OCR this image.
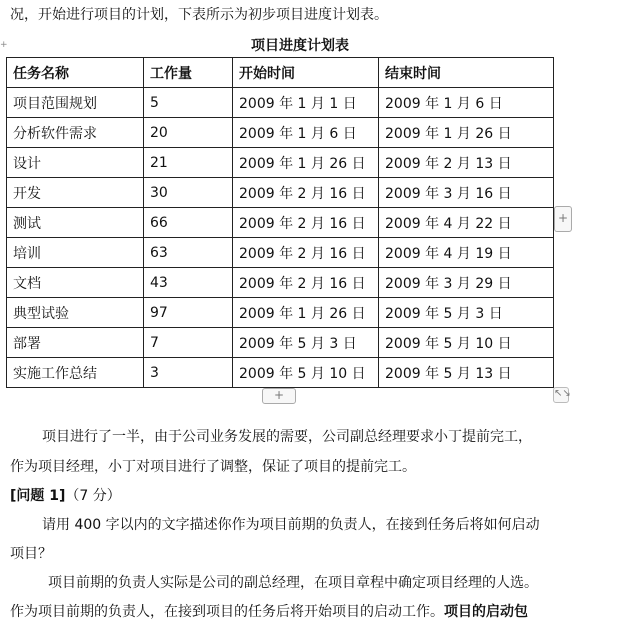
况，开始进行项目的计划，下表所示为初步项目进度计划表。
+	项目进度计划表
任务名称	工作量	开始时间	结束时间
项目范围规划	5	2009 年 1 月 1 日	2009 年 1 月 6 日
分析软件需求	20	2009 年 1 月 6 日	2009 年 1 月 26 日
设计	21	2009 年 1 月 26 日	2009 年 2 月 13 日
开发	30	2009 年 2 月 16 日	2009 年 3 月 16 日
测试	66	2009 年 2 月 16 日	2009 年 4 月 22 日
培训	63	2009 年 2 月 16 日	2009 年 4 月 19 日
文档	43	2009 年 2 月 16 日	2009 年 3 月 29 日
典型试验	97	2009 年 1 月 26 日	2009 年 5 月 3 日
部署	7	2009 年 5 月 3 日	2009 年 5 月 10 日
实施工作总结	3	2009 年 5 月 10 日	2009 年 5 月 13 日
+
+	↖↘
项目进行了一半，由于公司业务发展的需要，公司副总经理要求小丁提前完工，
作为项目经理，小丁对项目进行了调整，保证了项目的提前完工。
[问题 1]（7 分）
请用 400 字以内的文字描述你作为项目前期的负责人，在接到任务后将如何启动
项目？
项目前期的负责人实际是公司的副总经理，在项目章程中确定项目经理的人选。
作为项目前期的负责人，在接到项目的任务后将开始项目的启动工作。项目的启动包
